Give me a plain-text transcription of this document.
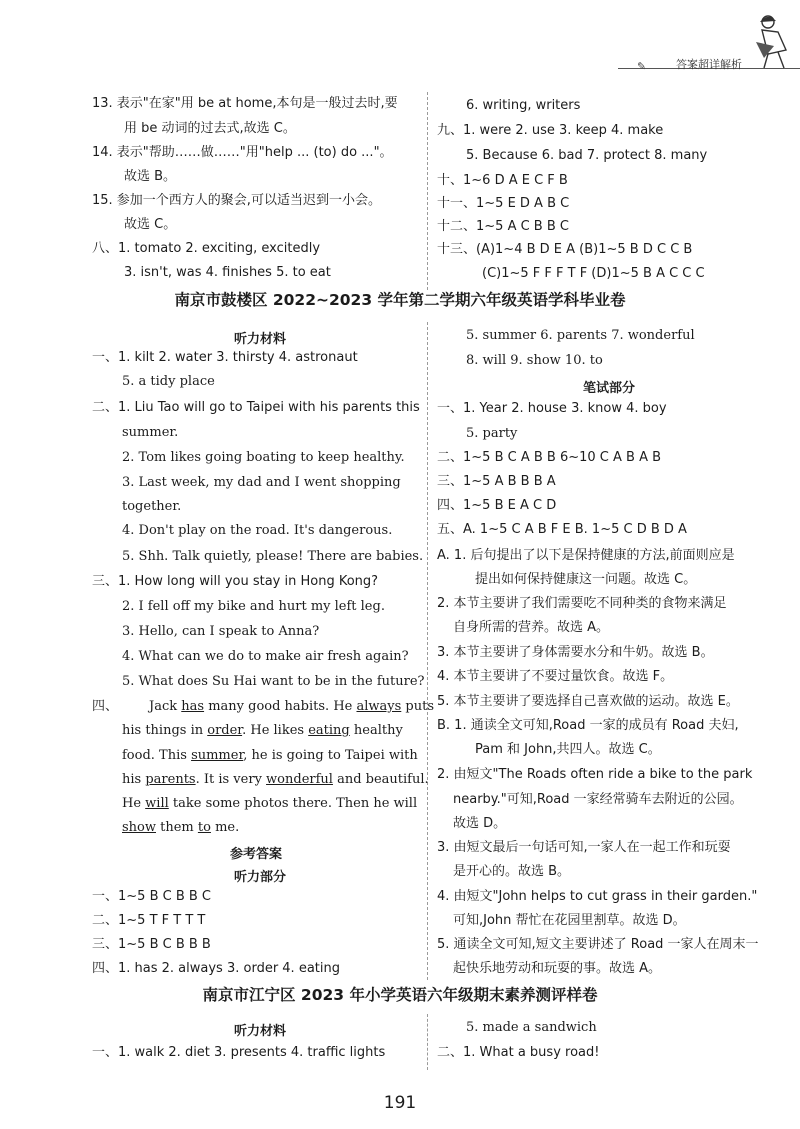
✎	答案超详解析
13. 表示"在家"用 be at home,本句是一般过去时,要
用 be 动词的过去式,故选 C。
14. 表示"帮助……做……"用"help ... (to) do ..."。
故选 B。
15. 参加一个西方人的聚会,可以适当迟到一小会。
故选 C。
八、1. tomato 2. exciting, excitedly
3. isn't, was 4. finishes 5. to eat
6. writing, writers
九、1. were 2. use 3. keep 4. make
5. Because 6. bad 7. protect 8. many
十、1~6 D A E C F B
十一、1~5 E D A B C
十二、1~5 A C B B C
十三、(A)1~4 B D E A (B)1~5 B D C C B
(C)1~5 F F F T F (D)1~5 B A C C C
南京市鼓楼区 2022~2023 学年第二学期六年级英语学科毕业卷
听力材料
一、1. kilt 2. water 3. thirsty 4. astronaut
5. a tidy place
二、1. Liu Tao will go to Taipei with his parents this
summer.
2. Tom likes going boating to keep healthy.
3. Last week, my dad and I went shopping
together.
4. Don't play on the road. It's dangerous.
5. Shh. Talk quietly, please! There are babies.
三、1. How long will you stay in Hong Kong?
2. I fell off my bike and hurt my left leg.
3. Hello, can I speak to Anna?
4. What can we do to make air fresh again?
5. What does Su Hai want to be in the future?
四、 Jack has many good habits. He always puts
his things in order. He likes eating healthy
food. This summer, he is going to Taipei with
his parents. It is very wonderful and beautiful.
He will take some photos there. Then he will
show them to me.
参考答案
听力部分
一、1~5 B C B B C
二、1~5 T F T T T
三、1~5 B C B B B
四、1. has 2. always 3. order 4. eating
5. summer 6. parents 7. wonderful
8. will 9. show 10. to
笔试部分
一、1. Year 2. house 3. know 4. boy
5. party
二、1~5 B C A B B 6~10 C A B A B
三、1~5 A B B B A
四、1~5 B E A C D
五、A. 1~5 C A B F E B. 1~5 C D B D A
A. 1. 后句提出了以下是保持健康的方法,前面则应是
提出如何保持健康这一问题。故选 C。
2. 本节主要讲了我们需要吃不同种类的食物来满足
自身所需的营养。故选 A。
3. 本节主要讲了身体需要水分和牛奶。故选 B。
4. 本节主要讲了不要过量饮食。故选 F。
5. 本节主要讲了要选择自己喜欢做的运动。故选 E。
B. 1. 通读全文可知,Road 一家的成员有 Road 夫妇,
Pam 和 John,共四人。故选 C。
2. 由短文"The Roads often ride a bike to the park
nearby."可知,Road 一家经常骑车去附近的公园。
故选 D。
3. 由短文最后一句话可知,一家人在一起工作和玩耍
是开心的。故选 B。
4. 由短文"John helps to cut grass in their garden."
可知,John 帮忙在花园里割草。故选 D。
5. 通读全文可知,短文主要讲述了 Road 一家人在周末一
起快乐地劳动和玩耍的事。故选 A。
南京市江宁区 2023 年小学英语六年级期末素养测评样卷
听力材料
一、1. walk 2. diet 3. presents 4. traffic lights
5. made a sandwich
二、1. What a busy road!
191
